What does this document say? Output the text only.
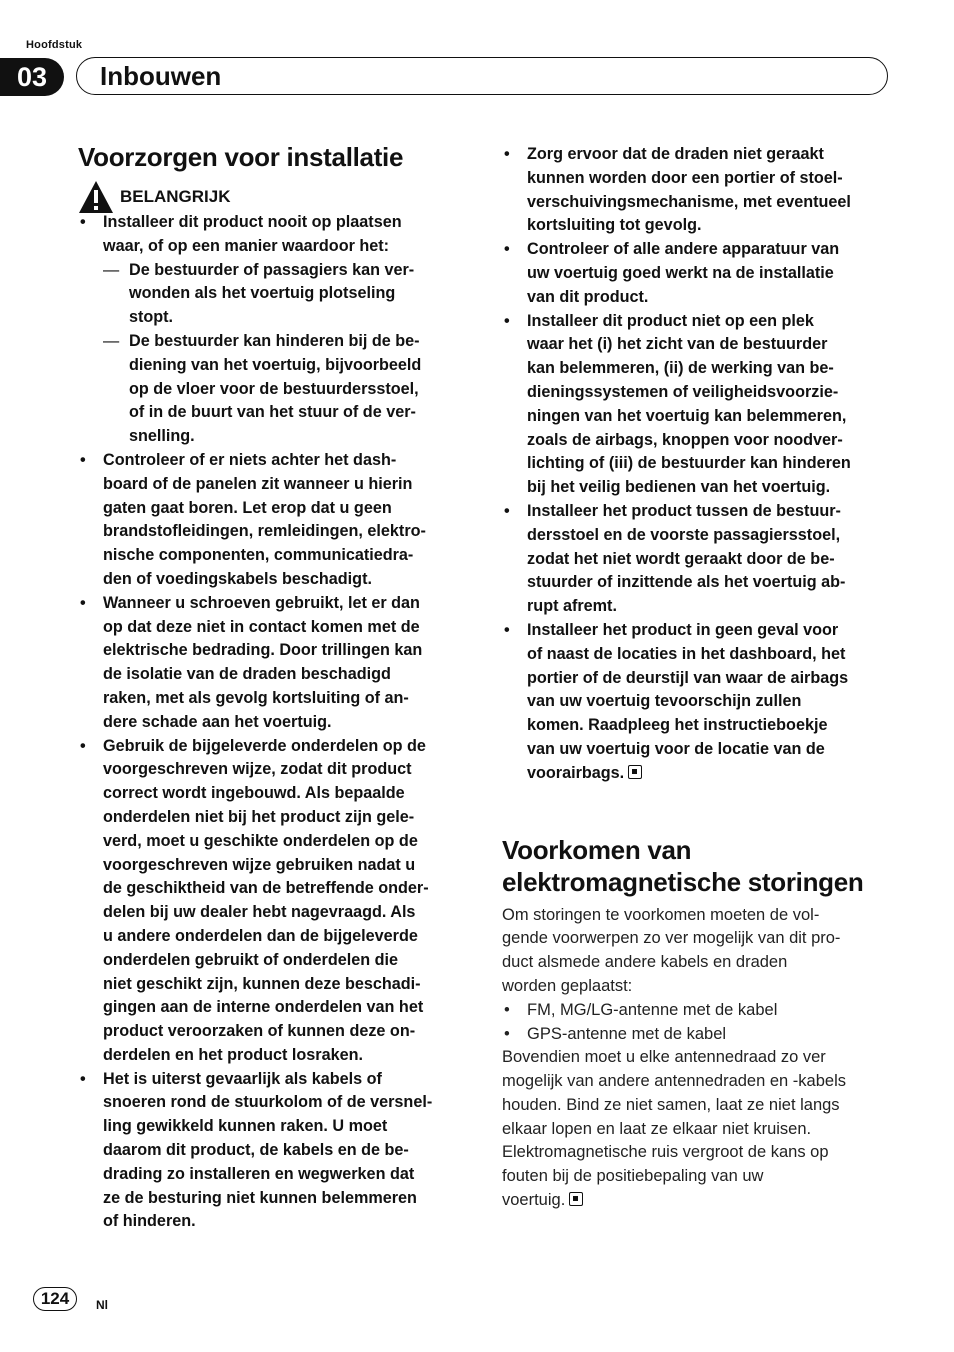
Hoofdstuk
03	Inbouwen
Voorzorgen voor installatie
BELANGRIJK
• Installeer dit product nooit op plaatsen
waar, of op een manier waardoor het:
— De bestuurder of passagiers kan ver-
wonden als het voertuig plotseling
stopt.
— De bestuurder kan hinderen bij de be-
diening van het voertuig, bijvoorbeeld
op de vloer voor de bestuurdersstoel,
of in de buurt van het stuur of de ver-
snelling.
• Controleer of er niets achter het dash-
board of de panelen zit wanneer u hierin
gaten gaat boren. Let erop dat u geen
brandstofleidingen, remleidingen, elektro-
nische componenten, communicatiedra-
den of voedingskabels beschadigt.
• Wanneer u schroeven gebruikt, let er dan
op dat deze niet in contact komen met de
elektrische bedrading. Door trillingen kan
de isolatie van de draden beschadigd
raken, met als gevolg kortsluiting of an-
dere schade aan het voertuig.
• Gebruik de bijgeleverde onderdelen op de
voorgeschreven wijze, zodat dit product
correct wordt ingebouwd. Als bepaalde
onderdelen niet bij het product zijn gele-
verd, moet u geschikte onderdelen op de
voorgeschreven wijze gebruiken nadat u
de geschiktheid van de betreffende onder-
delen bij uw dealer hebt nagevraagd. Als
u andere onderdelen dan de bijgeleverde
onderdelen gebruikt of onderdelen die
niet geschikt zijn, kunnen deze beschadi-
gingen aan de interne onderdelen van het
product veroorzaken of kunnen deze on-
derdelen en het product losraken.
• Het is uiterst gevaarlijk als kabels of
snoeren rond de stuurkolom of de versnel-
ling gewikkeld kunnen raken. U moet
daarom dit product, de kabels en de be-
drading zo installeren en wegwerken dat
ze de besturing niet kunnen belemmeren
of hinderen.
• Zorg ervoor dat de draden niet geraakt
kunnen worden door een portier of stoel-
verschuivingsmechanisme, met eventueel
kortsluiting tot gevolg.
• Controleer of alle andere apparatuur van
uw voertuig goed werkt na de installatie
van dit product.
• Installeer dit product niet op een plek
waar het (i) het zicht van de bestuurder
kan belemmeren, (ii) de werking van be-
dieningssystemen of veiligheidsvoorzie-
ningen van het voertuig kan belemmeren,
zoals de airbags, knoppen voor noodver-
lichting of (iii) de bestuurder kan hinderen
bij het veilig bedienen van het voertuig.
• Installeer het product tussen de bestuur-
dersstoel en de voorste passagiersstoel,
zodat het niet wordt geraakt door de be-
stuurder of inzittende als het voertuig ab-
rupt afremt.
• Installeer het product in geen geval voor
of naast de locaties in het dashboard, het
portier of de deurstijl van waar de airbags
van uw voertuig tevoorschijn zullen
komen. Raadpleeg het instructieboekje
van uw voertuig voor de locatie van de
voorairbags.
Voorkomen van
elektromagnetische storingen
Om storingen te voorkomen moeten de vol-
gende voorwerpen zo ver mogelijk van dit pro-
duct alsmede andere kabels en draden
worden geplaatst:
• FM, MG/LG-antenne met de kabel
• GPS-antenne met de kabel
Bovendien moet u elke antennedraad zo ver
mogelijk van andere antennedraden en -kabels
houden. Bind ze niet samen, laat ze niet langs
elkaar lopen en laat ze elkaar niet kruisen.
Elektromagnetische ruis vergroot de kans op
fouten bij de positiebepaling van uw
voertuig.
124	Nl
